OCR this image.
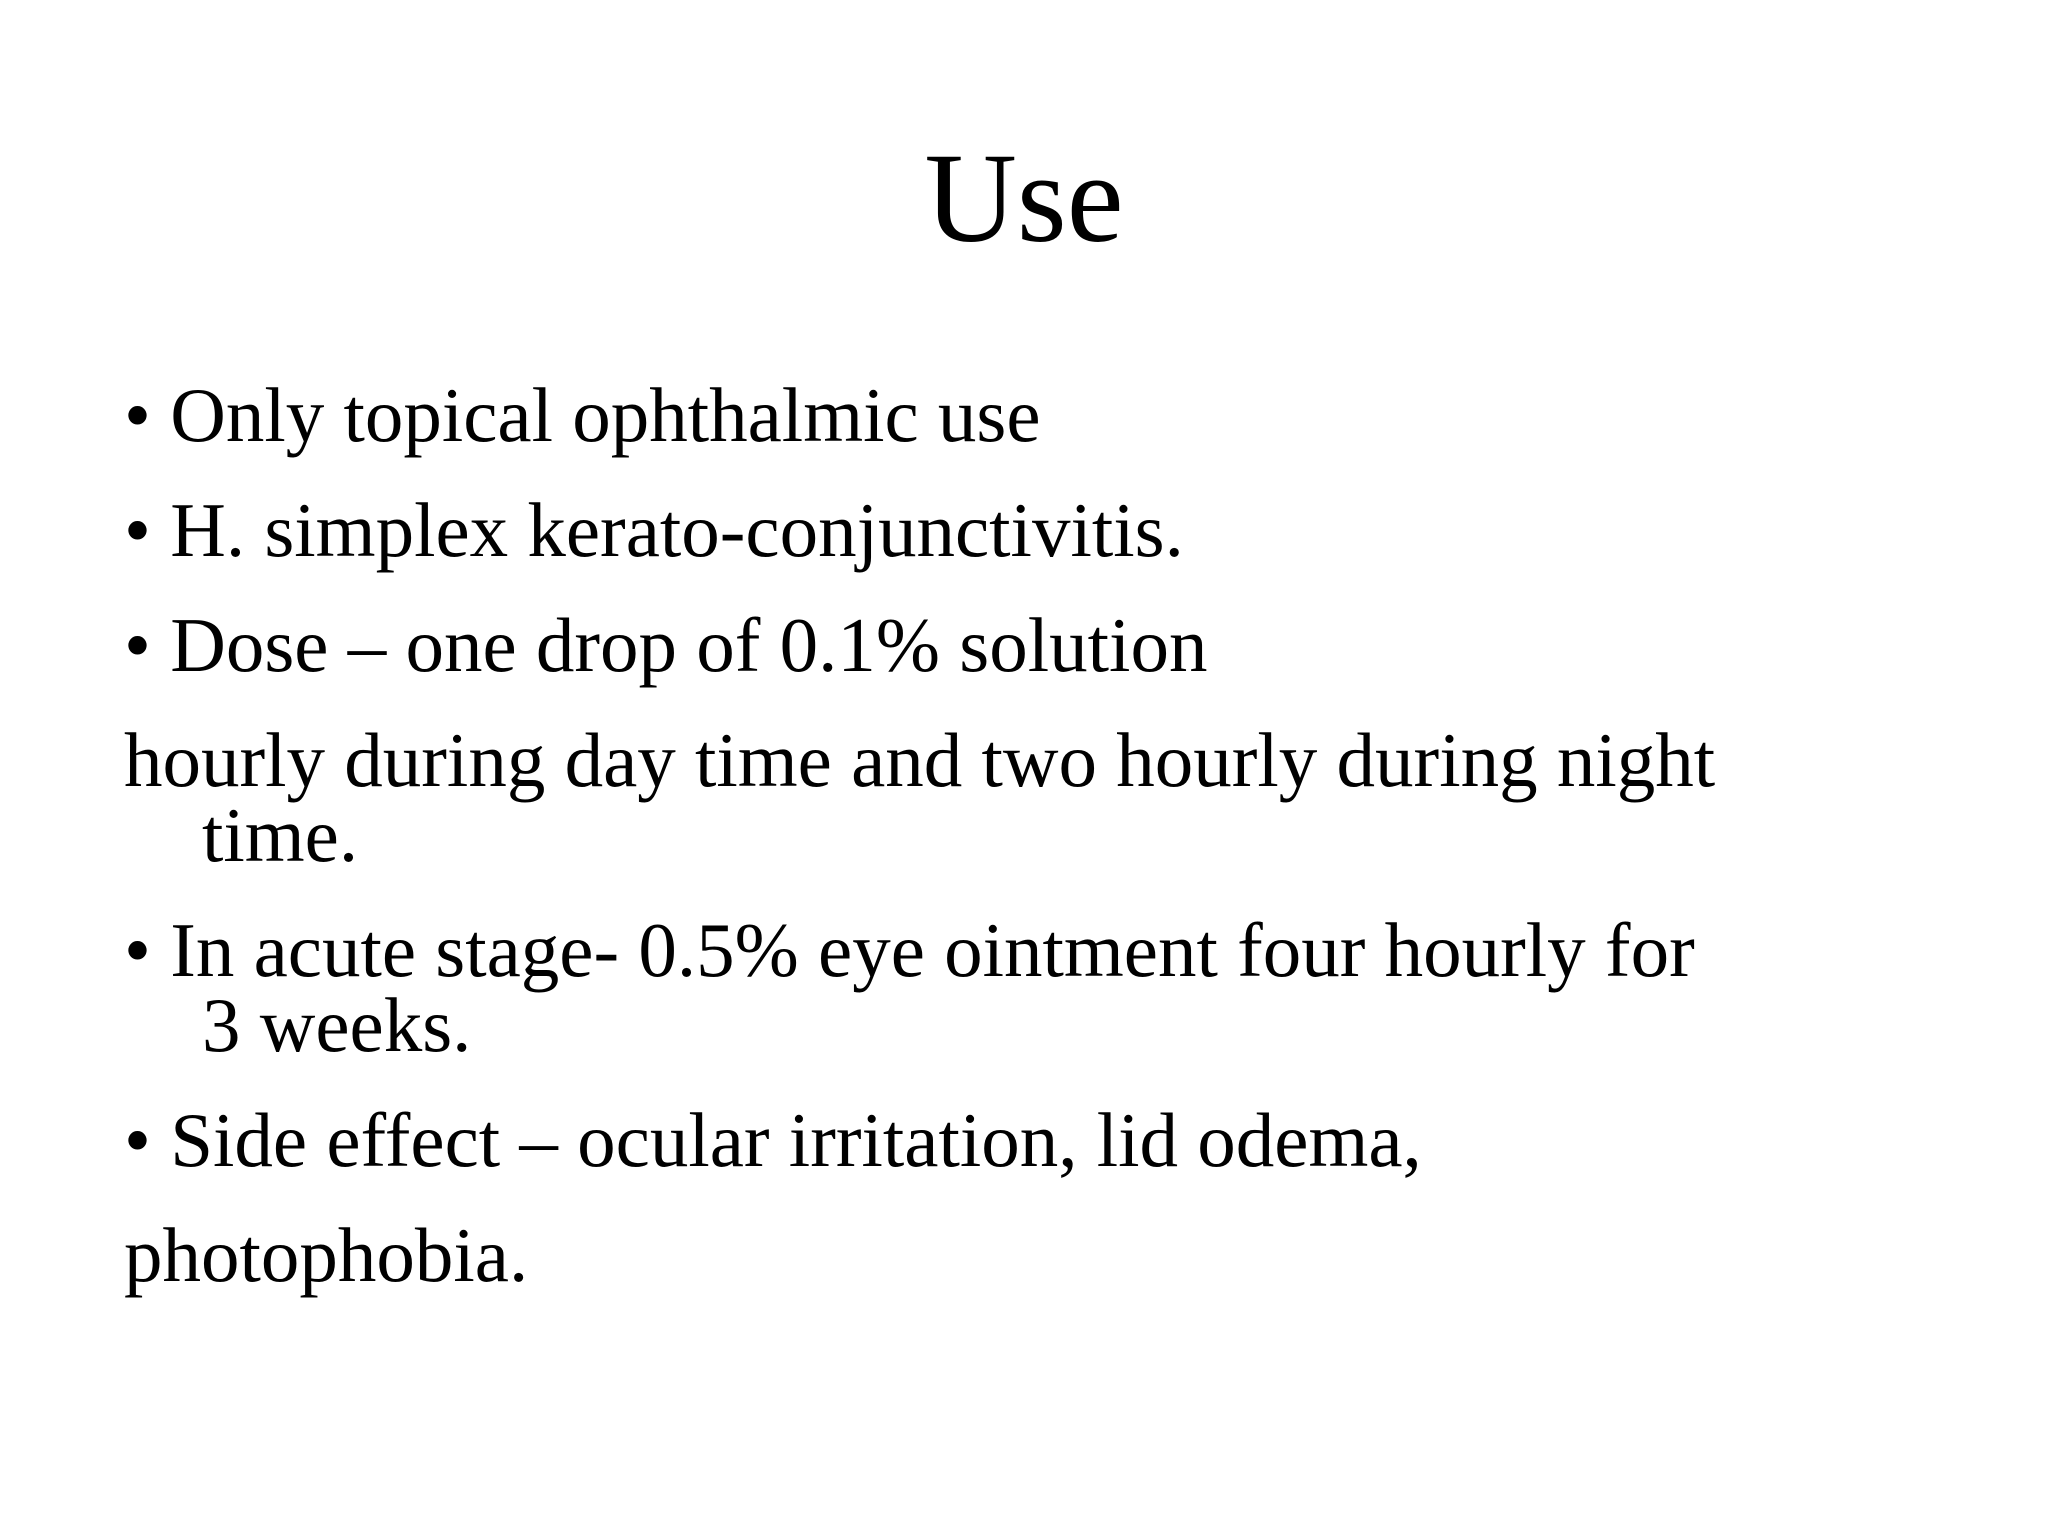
Use
• Only topical ophthalmic use
• H. simplex kerato-conjunctivitis.
• Dose – one drop of 0.1% solution
hourly during day time and two hourly during night
time.
• In acute stage- 0.5% eye ointment four hourly for
3 weeks.
• Side effect – ocular irritation, lid odema,
photophobia.
